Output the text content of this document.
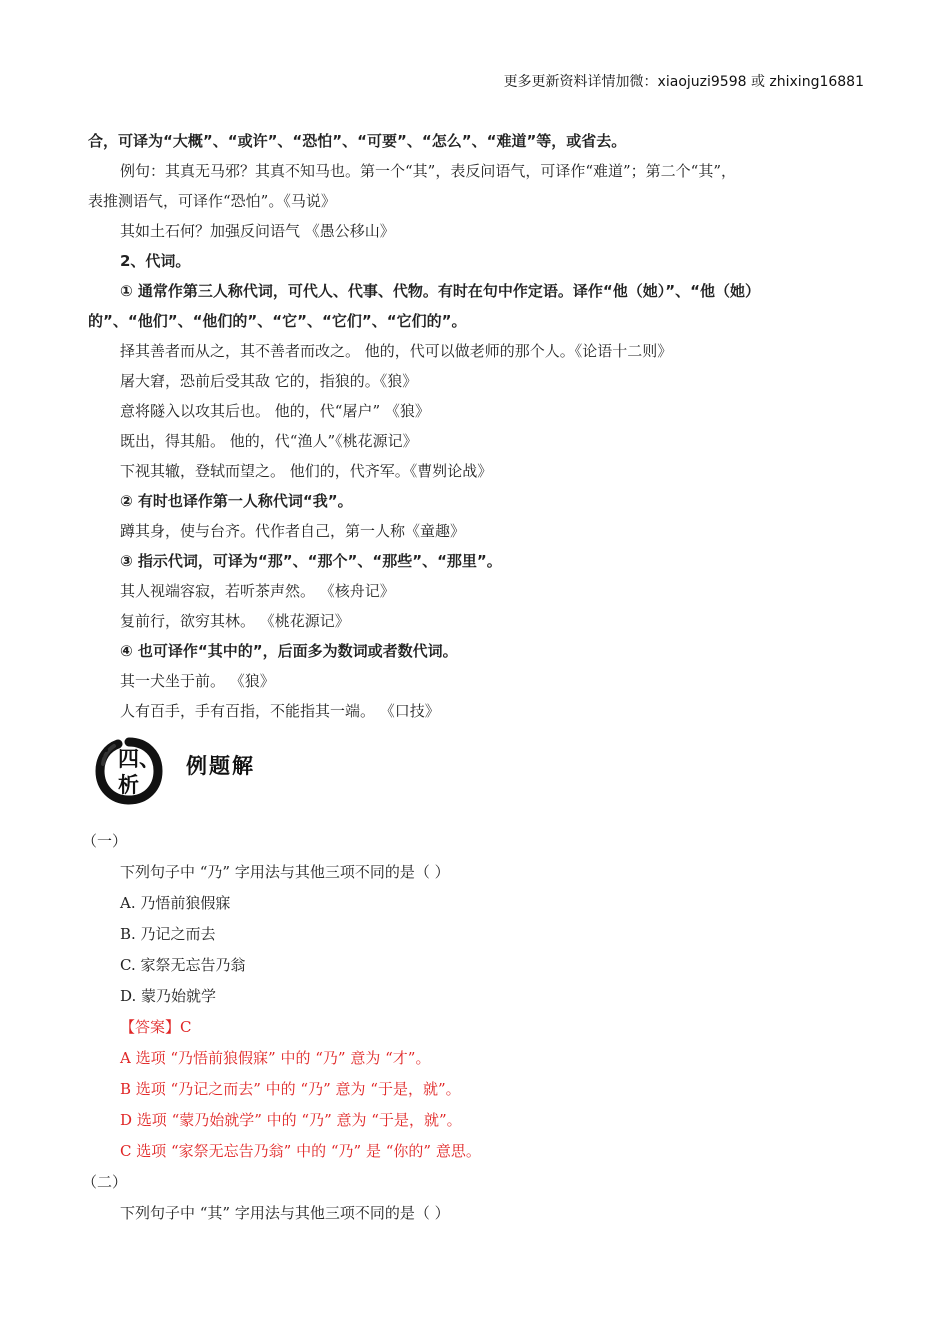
更多更新资料详情加微：xiaojuzi9598 或 zhixing16881
合，可译为“大概”、“或许”、“恐怕”、“可要”、“怎么”、“难道”等，或省去。
例句：其真无马邪？其真不知马也。第一个“其”，表反问语气，可译作“难道”；第二个“其”，
表推测语气，可译作“恐怕”。《马说》
其如土石何？加强反问语气 《愚公移山》
2、代词。
① 通常作第三人称代词，可代人、代事、代物。有时在句中作定语。译作“他（她）”、“他（她）
的”、“他们”、“他们的”、“它”、“它们”、“它们的”。
择其善者而从之，其不善者而改之。 他的，代可以做老师的那个人。《论语十二则》
屠大窘，恐前后受其敌 它的，指狼的。《狼》
意将隧入以攻其后也。 他的，代“屠户” 《狼》
既出，得其船。 他的，代“渔人”《桃花源记》
下视其辙，登轼而望之。 他们的，代齐军。《曹刿论战》
② 有时也译作第一人称代词“我”。
蹲其身，使与台齐。代作者自己，第一人称《童趣》
③ 指示代词，可译为“那”、“那个”、“那些”、“那里”。
其人视端容寂，若听茶声然。 《核舟记》
复前行，欲穷其林。 《桃花源记》
④ 也可译作“其中的”，后面多为数词或者数代词。
其一犬坐于前。 《狼》
人有百手，手有百指，不能指其一端。 《口技》
四、
析
例题解
（一）
下列句子中 “乃” 字用法与其他三项不同的是（ ）
A. 乃悟前狼假寐
B. 乃记之而去
C. 家祭无忘告乃翁
D. 蒙乃始就学
【答案】C
A 选项 “乃悟前狼假寐” 中的 “乃” 意为 “才”。
B 选项 “乃记之而去” 中的 “乃” 意为 “于是，就”。
D 选项 “蒙乃始就学” 中的 “乃” 意为 “于是，就”。
C 选项 “家祭无忘告乃翁” 中的 “乃” 是 “你的” 意思。
（二）
下列句子中 “其” 字用法与其他三项不同的是（ ）
